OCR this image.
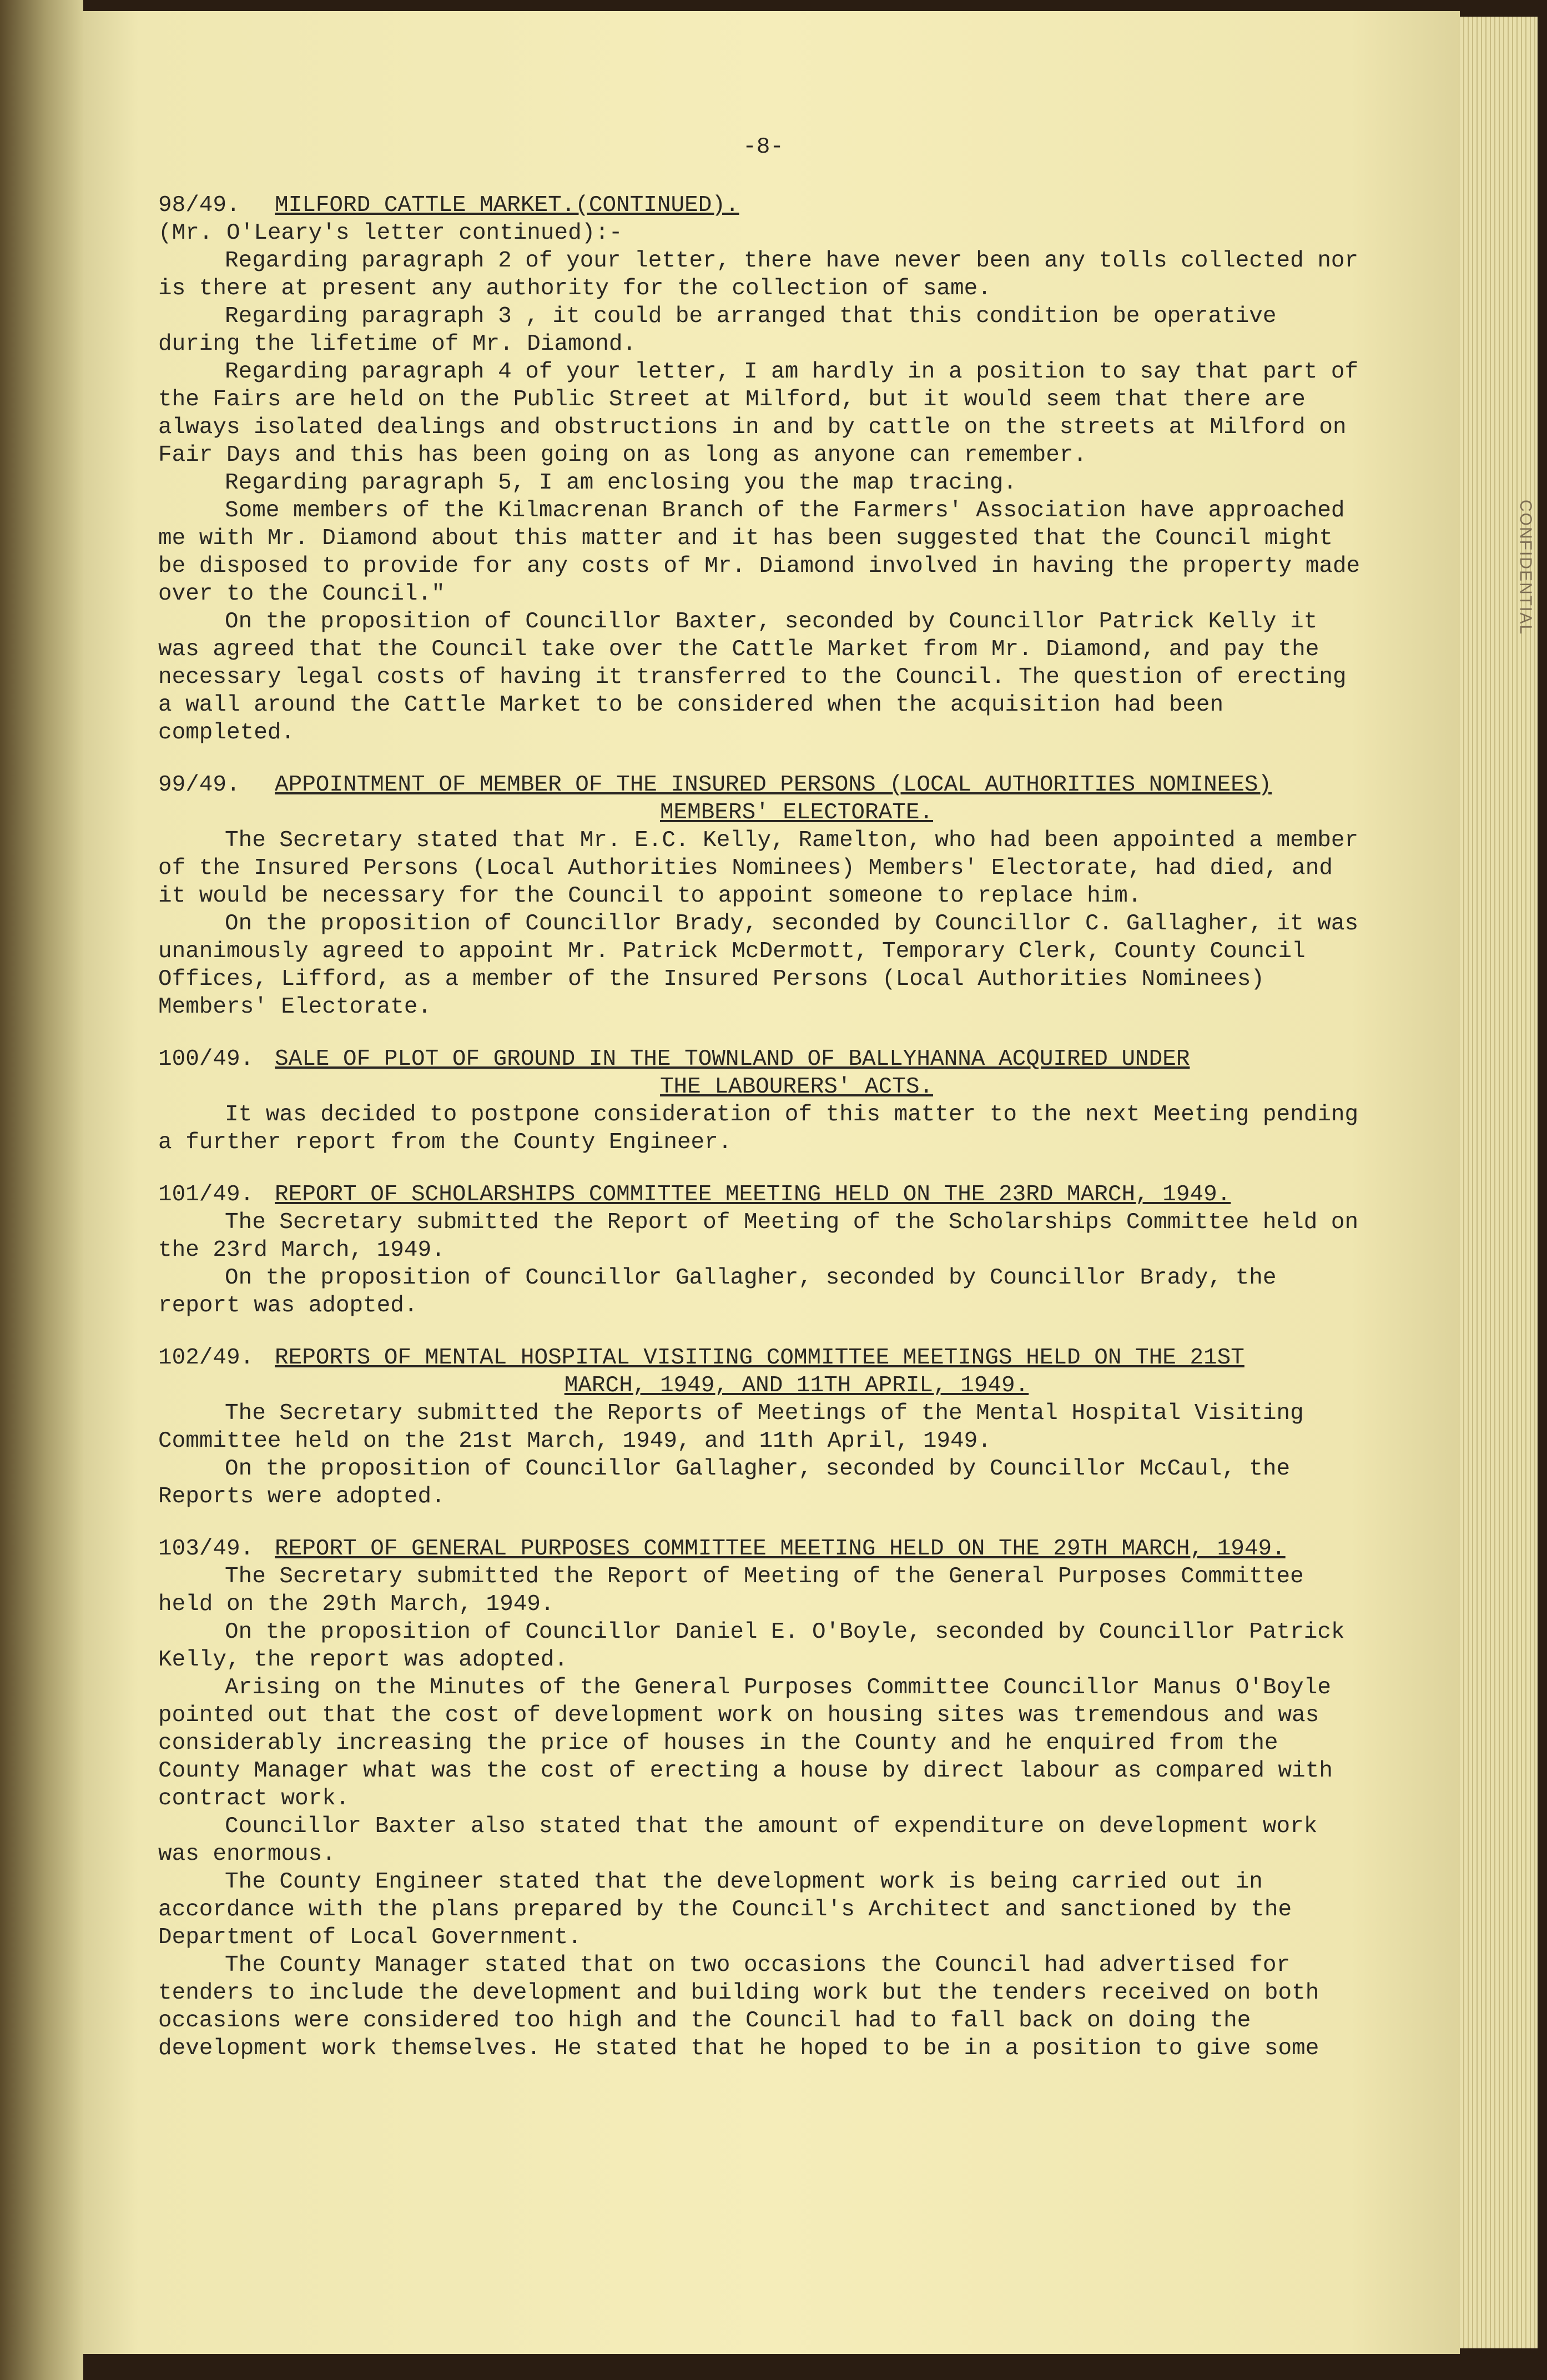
CONFIDENTIAL
-8-
98/49.	MILFORD CATTLE MARKET.(CONTINUED).

(Mr. O'Leary's letter continued):-

Regarding paragraph 2 of your letter, there have never been any tolls collected nor is there at present any authority for the collection of same.

Regarding paragraph 3 , it could be arranged that this condition be operative during the lifetime of Mr. Diamond.

Regarding paragraph 4 of your letter, I am hardly in a position to say that part of the Fairs are held on the Public Street at Milford, but it would seem that there are always isolated dealings and obstructions in and by cattle on the streets at Milford on Fair Days and this has been going on as long as anyone can remember.

Regarding paragraph 5, I am enclosing you the map tracing.

Some members of the Kilmacrenan Branch of the Farmers' Association have approached me with Mr. Diamond about this matter and it has been suggested that the Council might be disposed to provide for any costs of Mr. Diamond involved in having the property made over to the Council."

On the proposition of Councillor Baxter, seconded by Councillor Patrick Kelly it was agreed that the Council take over the Cattle Market from Mr. Diamond, and pay the necessary legal costs of having it transferred to the Council. The question of erecting a wall around the Cattle Market to be considered when the acquisition had been completed.

99/49.	APPOINTMENT OF MEMBER OF THE INSURED PERSONS (LOCAL AUTHORITIES NOMINEES)
MEMBERS' ELECTORATE.

The Secretary stated that Mr. E.C. Kelly, Ramelton, who had been appointed a member of the Insured Persons (Local Authorities Nominees) Members' Electorate, had died, and it would be necessary for the Council to appoint someone to replace him.

On the proposition of Councillor Brady, seconded by Councillor C. Gallagher, it was unanimously agreed to appoint Mr. Patrick McDermott, Temporary Clerk, County Council Offices, Lifford, as a member of the Insured Persons (Local Authorities Nominees) Members' Electorate.

100/49. SALE OF PLOT OF GROUND IN THE TOWNLAND OF BALLYHANNA ACQUIRED UNDER
THE LABOURERS' ACTS.

It was decided to postpone consideration of this matter to the next Meeting pending a further report from the County Engineer.

101/49. REPORT OF SCHOLARSHIPS COMMITTEE MEETING HELD ON THE 23RD MARCH, 1949.

The Secretary submitted the Report of Meeting of the Scholarships Committee held on the 23rd March, 1949.

On the proposition of Councillor Gallagher, seconded by Councillor Brady, the report was adopted.

102/49. REPORTS OF MENTAL HOSPITAL VISITING COMMITTEE MEETINGS HELD ON THE 21ST
MARCH, 1949, AND 11TH APRIL, 1949.

The Secretary submitted the Reports of Meetings of the Mental Hospital Visiting Committee held on the 21st March, 1949, and 11th April, 1949.

On the proposition of Councillor Gallagher, seconded by Councillor McCaul, the Reports were adopted.

103/49. REPORT OF GENERAL PURPOSES COMMITTEE MEETING HELD ON THE 29TH MARCH, 1949.

The Secretary submitted the Report of Meeting of the General Purposes Committee held on the 29th March, 1949.

On the proposition of Councillor Daniel E. O'Boyle, seconded by Councillor Patrick Kelly, the report was adopted.

Arising on the Minutes of the General Purposes Committee Councillor Manus O'Boyle pointed out that the cost of development work on housing sites was tremendous and was considerably increasing the price of houses in the County and he enquired from the County Manager what was the cost of erecting a house by direct labour as compared with contract work.

Councillor Baxter also stated that the amount of expenditure on development work was enormous.

The County Engineer stated that the development work is being carried out in accordance with the plans prepared by the Council's Architect and sanctioned by the Department of Local Government.

The County Manager stated that on two occasions the Council had advertised for tenders to include the development and building work but the tenders received on both occasions were considered too high and the Council had to fall back on doing the development work themselves. He stated that he hoped to be in a position to give some
